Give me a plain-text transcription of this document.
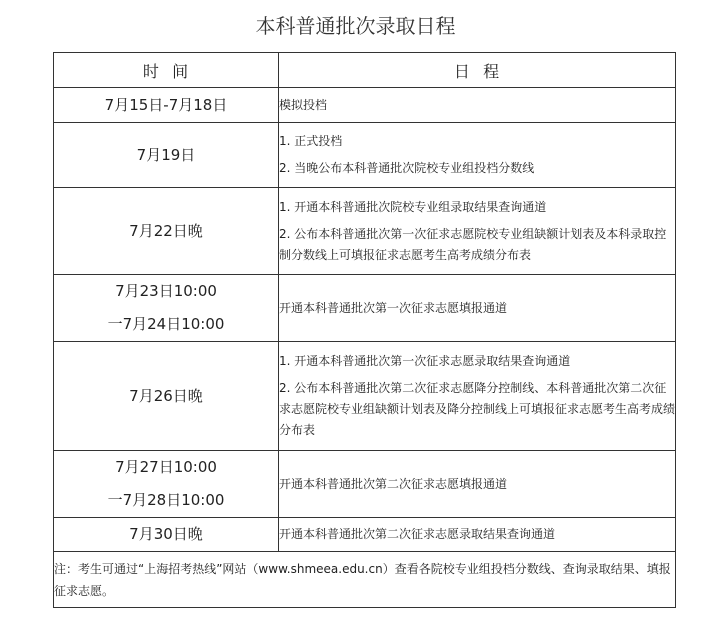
本科普通批次录取日程
时  间	日  程

7月15日-7月18日	模拟投档

7月19日	1. 正式投档

2. 当晚公布本科普通批次院校专业组投档分数线

7月22日晚	1. 开通本科普通批次院校专业组录取结果查询通道

2. 公布本科普通批次第一次征求志愿院校专业组缺额计划表及本科录取控制分数线上可填报征求志愿考生高考成绩分布表

7月23日10:00
一7月24日10:00	开通本科普通批次第一次征求志愿填报通道

7月26日晚	1. 开通本科普通批次第一次征求志愿录取结果查询通道

2. 公布本科普通批次第二次征求志愿降分控制线、本科普通批次第二次征求志愿院校专业组缺额计划表及降分控制线上可填报征求志愿考生高考成绩分布表

7月27日10:00
一7月28日10:00	开通本科普通批次第二次征求志愿填报通道

7月30日晚	开通本科普通批次第二次征求志愿录取结果查询通道

注：考生可通过“上海招考热线”网站（www.shmeea.edu.cn）查看各院校专业组投档分数线、查询录取结果、填报征求志愿。	
